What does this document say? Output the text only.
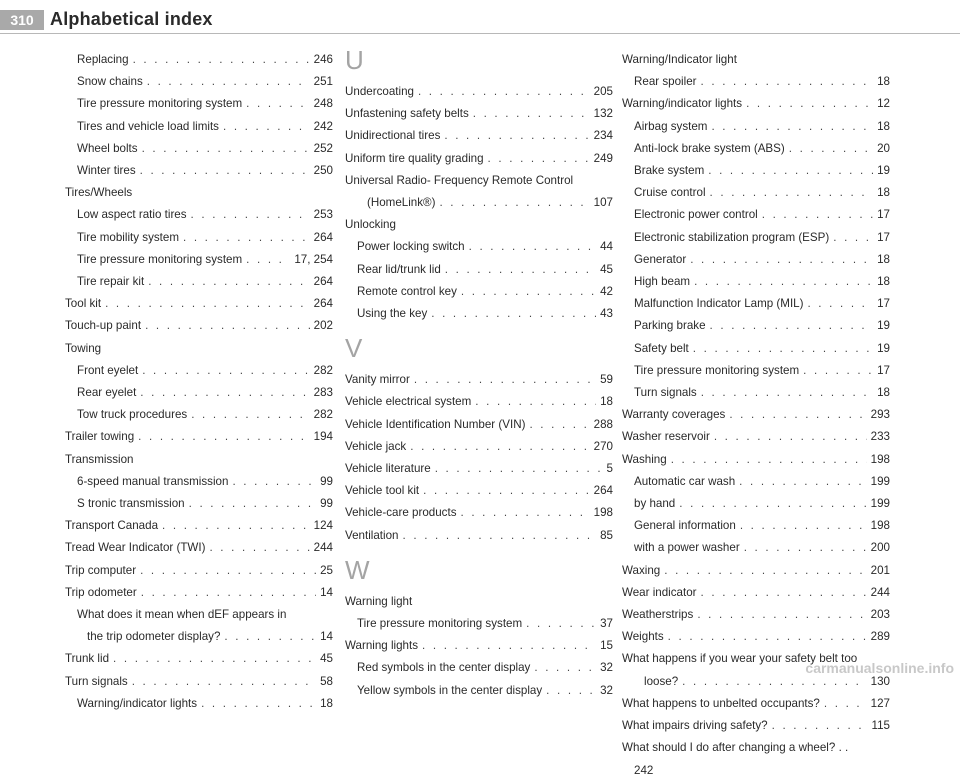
310 Alphabetical index
Replacing . . .	246
Snow chains . . .	251
Tire pressure monitoring system . . .	248
Tires and vehicle load limits . . .	242
Wheel bolts . . .	252
Winter tires . . .	250
Tires/Wheels
Low aspect ratio tires . . .	253
Tire mobility system . . .	264
Tire pressure monitoring system . . .	17, 254
Tire repair kit . . .	264
Tool kit . . .	264
Touch-up paint . . .	202
Towing
Front eyelet . . .	282
Rear eyelet . . .	283
Tow truck procedures . . .	282
Trailer towing . . .	194
Transmission
6-speed manual transmission . . .	99
S tronic transmission . . .	99
Transport Canada . . .	124
Tread Wear Indicator (TWI) . . .	244
Trip computer . . .	25
Trip odometer . . .	14
What does it mean when dEF appears in
the trip odometer display? . . .	14
Trunk lid . . .	45
Turn signals . . .	58
Warning/indicator lights . . .	18
U
Undercoating . . .	205
Unfastening safety belts . . .	132
Unidirectional tires . . .	234
Uniform tire quality grading . . .	249
Universal Radio- Frequency Remote Control
(HomeLink®) . . .	107
Unlocking
Power locking switch . . .	44
Rear lid/trunk lid . . .	45
Remote control key . . .	42
Using the key . . .	43
V
Vanity mirror . . .	59
Vehicle electrical system . . .	18
Vehicle Identification Number (VIN) . . .	288
Vehicle jack . . .	270
Vehicle literature . . .	5
Vehicle tool kit . . .	264
Vehicle-care products . . .	198
Ventilation . . .	85
W
Warning light
Tire pressure monitoring system . . .	37
Warning lights . . .	15
Red symbols in the center display . . .	32
Yellow symbols in the center display . . .	32
Warning/Indicator light
Rear spoiler . . .	18
Warning/indicator lights . . .	12
Airbag system . . .	18
Anti-lock brake system (ABS) . . .	20
Brake system . . .	19
Cruise control . . .	18
Electronic power control . . .	17
Electronic stabilization program (ESP) . . .	17
Generator . . .	18
High beam . . .	18
Malfunction Indicator Lamp (MIL) . . .	17
Parking brake . . .	19
Safety belt . . .	19
Tire pressure monitoring system . . .	17
Turn signals . . .	18
Warranty coverages . . .	293
Washer reservoir . . .	233
Washing . . .	198
Automatic car wash . . .	199
by hand . . .	199
General information . . .	198
with a power washer . . .	200
Waxing . . .	201
Wear indicator . . .	244
Weatherstrips . . .	203
Weights . . .	289
What happens if you wear your safety belt too
loose? . . .	130
What happens to unbelted occupants? . . .	127
What impairs driving safety? . . .	115
What should I do after changing a wheel? . .
242
carmanualsonline.info
